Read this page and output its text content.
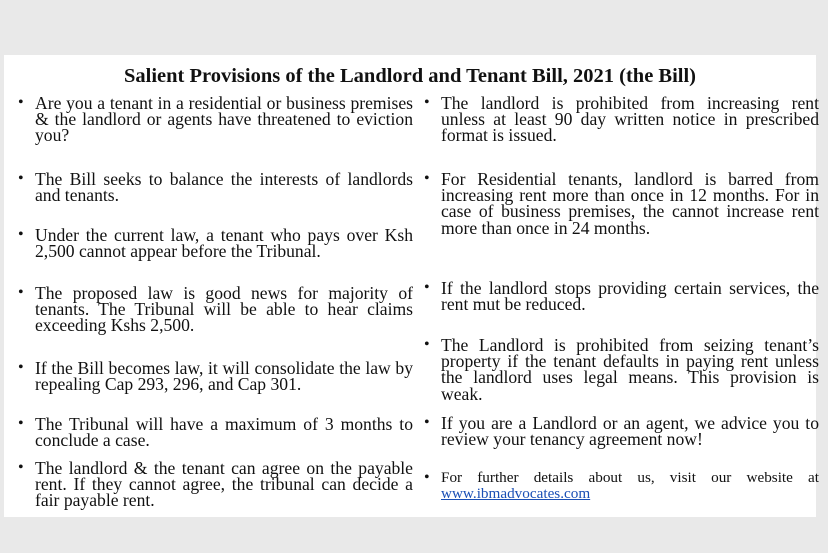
Salient Provisions of the Landlord and Tenant Bill, 2021 (the Bill)
• Are you a tenant in a residential or business premises & the landlord or agents have threatened to eviction you?
• The Bill seeks to balance the interests of landlords and tenants.
• Under the current law, a tenant who pays over Ksh 2,500 cannot appear before the Tribunal.
• The proposed law is good news for majority of tenants. The Tribunal will be able to hear claims exceeding Kshs 2,500.
• If the Bill becomes law, it will consolidate the law by repealing Cap 293, 296, and Cap 301.
• The Tribunal will have a maximum of 3 months to conclude a case.
• The landlord & the tenant can agree on the payable rent. If they cannot agree, the tribunal can decide a fair payable rent.
• The landlord is prohibited from increasing rent unless at least 90 day written notice in prescribed format is issued.
• For Residential tenants, landlord is barred from increasing rent more than once in 12 months. For in case of business premises, the cannot increase rent more than once in 24 months.
• If the landlord stops providing certain services, the rent mut be reduced.
• The Landlord is prohibited from seizing tenant’s property if the tenant defaults in paying rent unless the landlord uses legal means. This provision is weak.
• If you are a Landlord or an agent, we advice you to review your tenancy agreement now!
• For further details about us, visit our website at www.ibmadvocates.com
